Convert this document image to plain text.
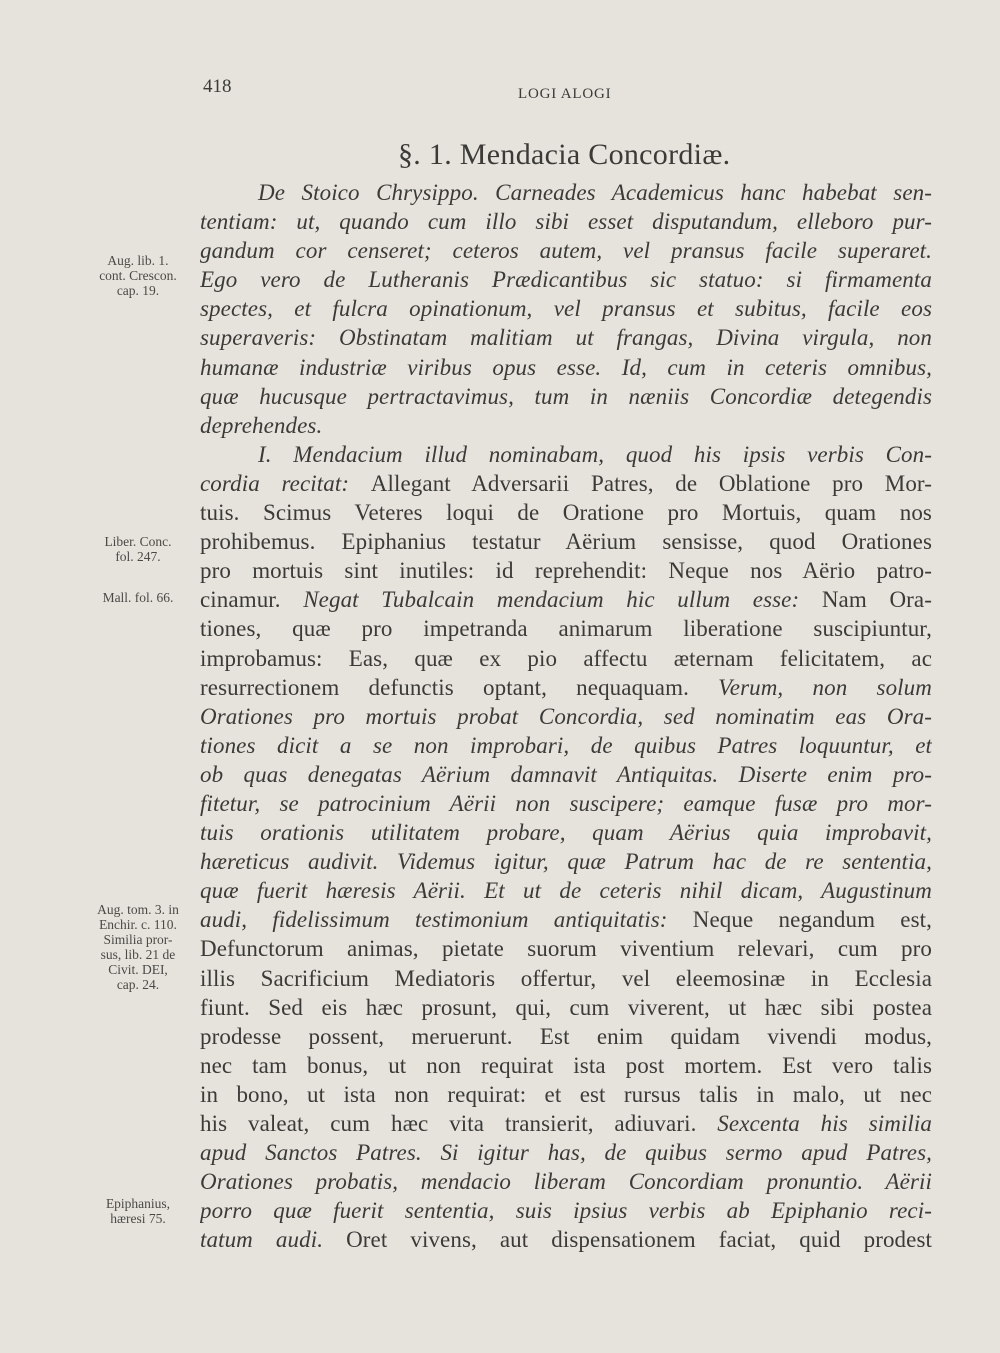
418	LOGI ALOGI
§. 1. Mendacia Concordiæ.
Aug. lib. 1.
cont. Crescon.
cap. 19.
Liber. Conc.
fol. 247.
Mall. fol. 66.
Aug. tom. 3. in
Enchir. c. 110.
Similia pror-
sus, lib. 21 de
Civit. DEI,
cap. 24.
Epiphanius,
hæresi 75.
De Stoico Chrysippo. Carneades Academicus hanc habebat sen-
tentiam: ut, quando cum illo sibi esset disputandum, elleboro pur-
gandum cor censeret; ceteros autem, vel pransus facile superaret.
Ego vero de Lutheranis Prædicantibus sic statuo: si firmamenta
spectes, et fulcra opinationum, vel pransus et subitus, facile eos
superaveris: Obstinatam malitiam ut frangas, Divina virgula, non
humanæ industriæ viribus opus esse. Id, cum in ceteris omnibus,
quæ hucusque pertractavimus, tum in næniis Concordiæ detegendis
deprehendes.
I. Mendacium illud nominabam, quod his ipsis verbis Con-
cordia recitat: Allegant Adversarii Patres, de Oblatione pro Mor-
tuis. Scimus Veteres loqui de Oratione pro Mortuis, quam nos
prohibemus. Epiphanius testatur Aërium sensisse, quod Orationes
pro mortuis sint inutiles: id reprehendit: Neque nos Aërio patro-
cinamur. Negat Tubalcain mendacium hic ullum esse: Nam Ora-
tiones, quæ pro impetranda animarum liberatione suscipiuntur,
improbamus: Eas, quæ ex pio affectu æternam felicitatem, ac
resurrectionem defunctis optant, nequaquam. Verum, non solum
Orationes pro mortuis probat Concordia, sed nominatim eas Ora-
tiones dicit a se non improbari, de quibus Patres loquuntur, et
ob quas denegatas Aërium damnavit Antiquitas. Diserte enim pro-
fitetur, se patrocinium Aërii non suscipere; eamque fusæ pro mor-
tuis orationis utilitatem probare, quam Aërius quia improbavit,
hæreticus audivit. Videmus igitur, quæ Patrum hac de re sententia,
quæ fuerit hæresis Aërii. Et ut de ceteris nihil dicam, Augustinum
audi, fidelissimum testimonium antiquitatis: Neque negandum est,
Defunctorum animas, pietate suorum viventium relevari, cum pro
illis Sacrificium Mediatoris offertur, vel eleemosinæ in Ecclesia
fiunt. Sed eis hæc prosunt, qui, cum viverent, ut hæc sibi postea
prodesse possent, meruerunt. Est enim quidam vivendi modus,
nec tam bonus, ut non requirat ista post mortem. Est vero talis
in bono, ut ista non requirat: et est rursus talis in malo, ut nec
his valeat, cum hæc vita transierit, adiuvari. Sexcenta his similia
apud Sanctos Patres. Si igitur has, de quibus sermo apud Patres,
Orationes probatis, mendacio liberam Concordiam pronuntio. Aërii
porro quæ fuerit sententia, suis ipsius verbis ab Epiphanio reci-
tatum audi. Oret vivens, aut dispensationem faciat, quid prodest
